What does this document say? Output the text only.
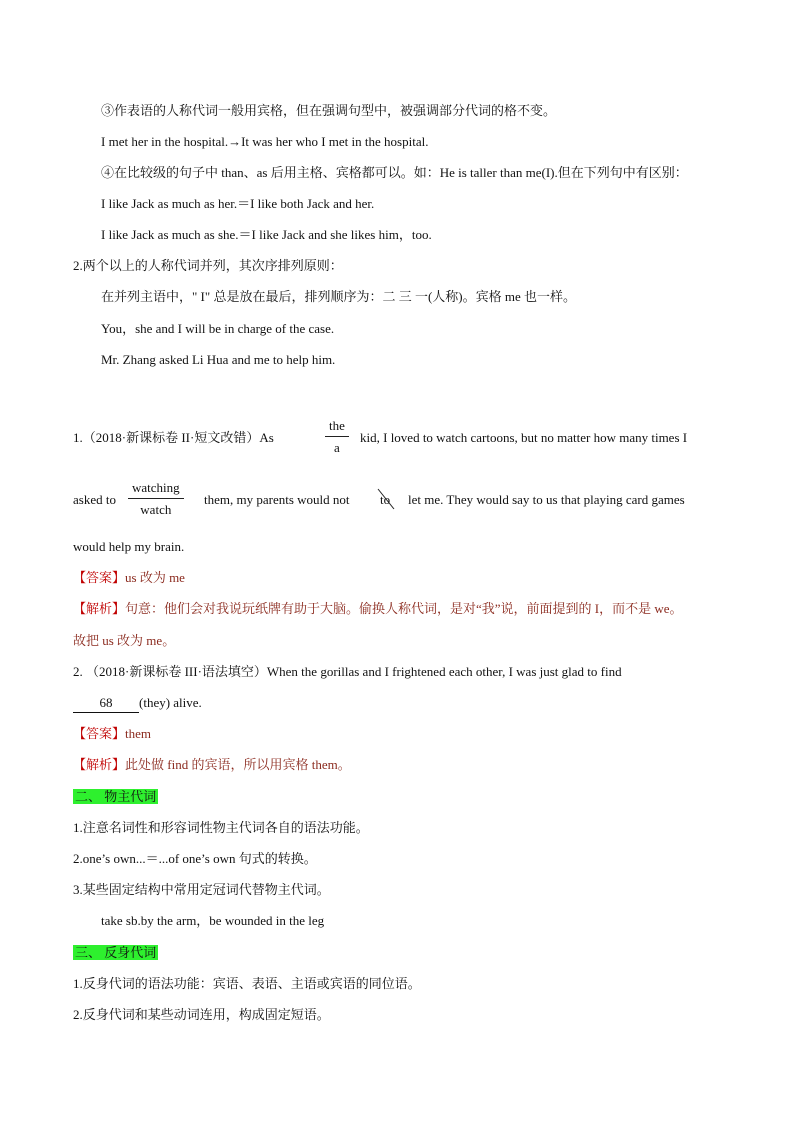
③作表语的人称代词一般用宾格，但在强调句型中，被强调部分代词的格不变。
I met her in the hospital.→It was her who I met in the hospital.
④在比较级的句子中 than、as 后用主格、宾格都可以。如：He is taller than me(I).但在下列句中有区别：
I like Jack as much as her.＝I like both Jack and her.
I like Jack as much as she.＝I like Jack and she likes him，too.
2.两个以上的人称代词并列，其次序排列原则：
在并列主语中，" I" 总是放在最后，排列顺序为：二 三 一(人称)。宾格 me 也一样。
You，she and I will be in charge of the case.
Mr. Zhang asked Li Hua and me to help him.
1.（2018·新课标卷 II·短文改错）As
the
a
kid, I loved to watch cartoons, but no matter how many times I
asked to
watching
watch
them, my parents would not to let me. They would say to us that playing card games
would help my brain.
【答案】us 改为 me
【解析】句意：他们会对我说玩纸牌有助于大脑。偷换人称代词，是对“我”说，前面提到的 I，而不是 we。
故把 us 改为 me。
2. （2018·新课标卷 III·语法填空）When the gorillas and I frightened each other, I was just glad to find
68 (they) alive.
【答案】them
【解析】此处做 find 的宾语，所以用宾格 them。
二、 物主代词
1.注意名词性和形容词性物主代词各自的语法功能。
2.one’s own...＝...of one’s own 句式的转换。
3.某些固定结构中常用定冠词代替物主代词。
take sb.by the arm，be wounded in the leg
三、 反身代词
1.反身代词的语法功能：宾语、表语、主语或宾语的同位语。
2.反身代词和某些动词连用，构成固定短语。
